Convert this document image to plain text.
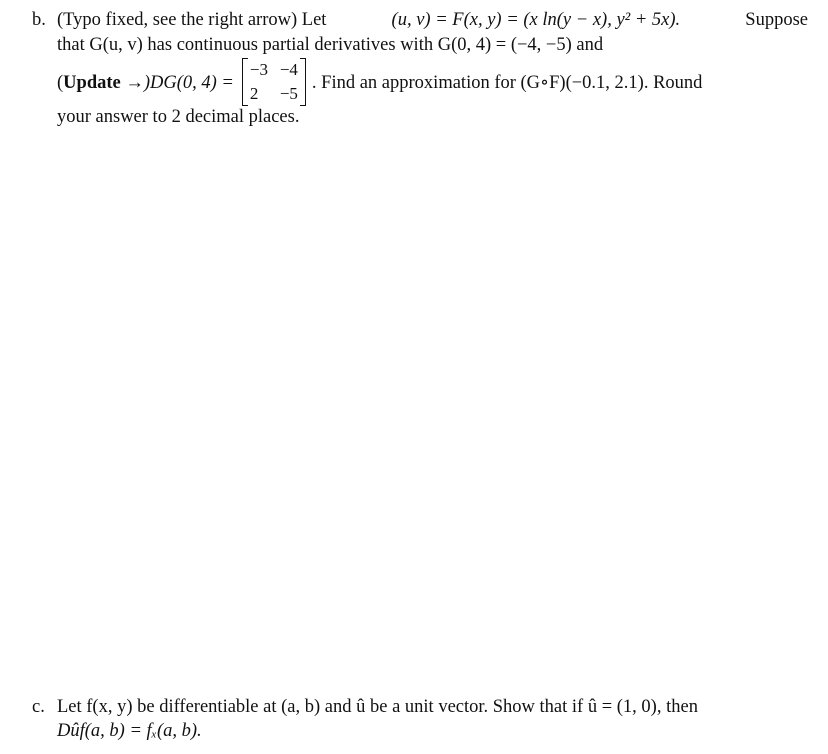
b. (Typo fixed, see the right arrow) Let	(u, v) = F(x, y) = (x ln(y − x), y² + 5x).	Suppose
that G(u, v) has continuous partial derivatives with G(0, 4) = (−4, −5) and
( Update → )DG(0, 4) =
−3 −4
2	−5
. Find an approximation for (G∘F)(−0.1, 2.1). Round
your answer to 2 decimal places.
c. Let f(x, y) be differentiable at (a, b) and û be a unit vector. Show that if û = (1, 0), then
Dûf(a, b) = fₓ(a, b).
